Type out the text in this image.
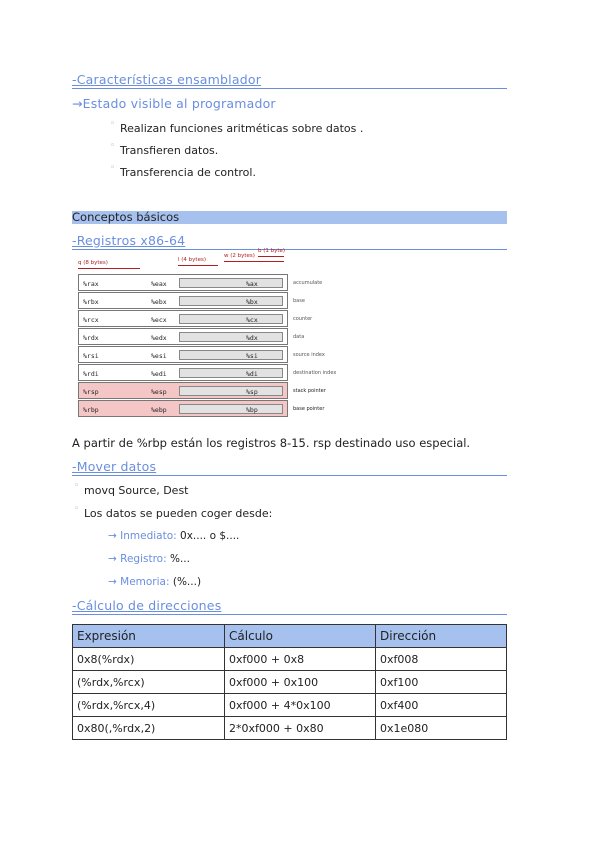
-Características ensamblador
→Estado visible al programador
◦ Realizan funciones aritméticas sobre datos .
◦ Transfieren datos.
◦ Transferencia de control.
Conceptos básicos
-Registros x86-64
q (8 bytes)	l (4 bytes)
w (2 bytes)
b (1 byte)
%rax	%eax	%ax	accumulate
%rbx	%ebx	%bx	base
%rcx	%ecx	%cx	counter
%rdx	%edx	%dx	data
%rsi	%esi	%si	source index
%rdi	%edi	%di	destination index
%rsp	%esp	%sp	stack pointer
%rbp	%ebp	%bp	base pointer
A partir de %rbp están los registros 8-15. rsp destinado uso especial.
-Mover datos
◦ movq Source, Dest
◦ Los datos se pueden coger desde:
→ Inmediato: 0x.... o $....
→ Registro: %...
→ Memoria: (%...)
-Cálculo de direcciones
Expresión	Cálculo	Dirección
0x8(%rdx)	0xf000 + 0x8	0xf008
(%rdx,%rcx)	0xf000 + 0x100	0xf100
(%rdx,%rcx,4)	0xf000 + 4*0x100	0xf400
0x80(,%rdx,2)	2*0xf000 + 0x80	0x1e080
